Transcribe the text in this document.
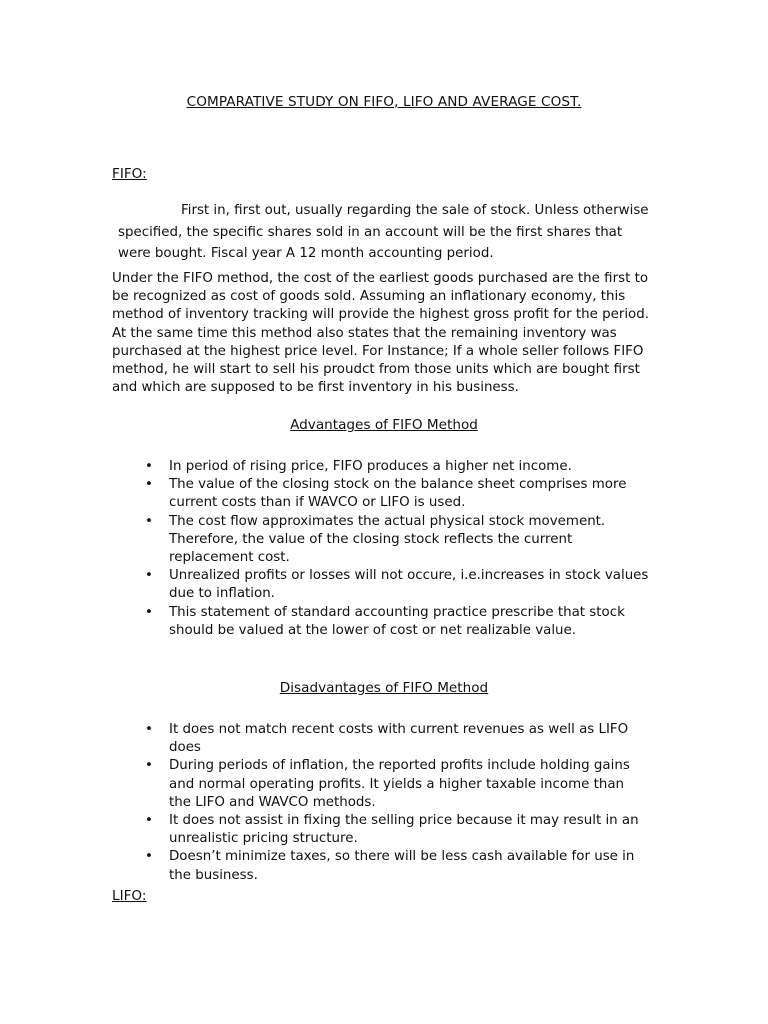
COMPARATIVE STUDY ON FIFO, LIFO AND AVERAGE COST.
FIFO:
First in, first out, usually regarding the sale of stock. Unless otherwise
specified, the specific shares sold in an account will be the first shares that
were bought. Fiscal year A 12 month accounting period.
Under the FIFO method, the cost of the earliest goods purchased are the first to be recognized as cost of goods sold. Assuming an inflationary economy, this method of inventory tracking will provide the highest gross profit for the period. At the same time this method also states that the remaining inventory was purchased at the highest price level. For Instance; If a whole seller follows FIFO method, he will start to sell his proudct from those units which are bought first and which are supposed to be first inventory in his business.
Advantages of FIFO Method
• In period of rising price, FIFO produces a higher net income.
• The value of the closing stock on the balance sheet comprises more current costs than if WAVCO or LIFO is used.
• The cost flow approximates the actual physical stock movement. Therefore, the value of the closing stock reflects the current replacement cost.
• Unrealized profits or losses will not occure, i.e.increases in stock values due to inflation.
• This statement of standard accounting practice prescribe that stock should be valued at the lower of cost or net realizable value.
Disadvantages of FIFO Method
• It does not match recent costs with current revenues as well as LIFO does
• During periods of inflation, the reported profits include holding gains and normal operating profits. It yields a higher taxable income than the LIFO and WAVCO methods.
• It does not assist in fixing the selling price because it may result in an unrealistic pricing structure.
• Doesn’t minimize taxes, so there will be less cash available for use in the business.
LIFO:
